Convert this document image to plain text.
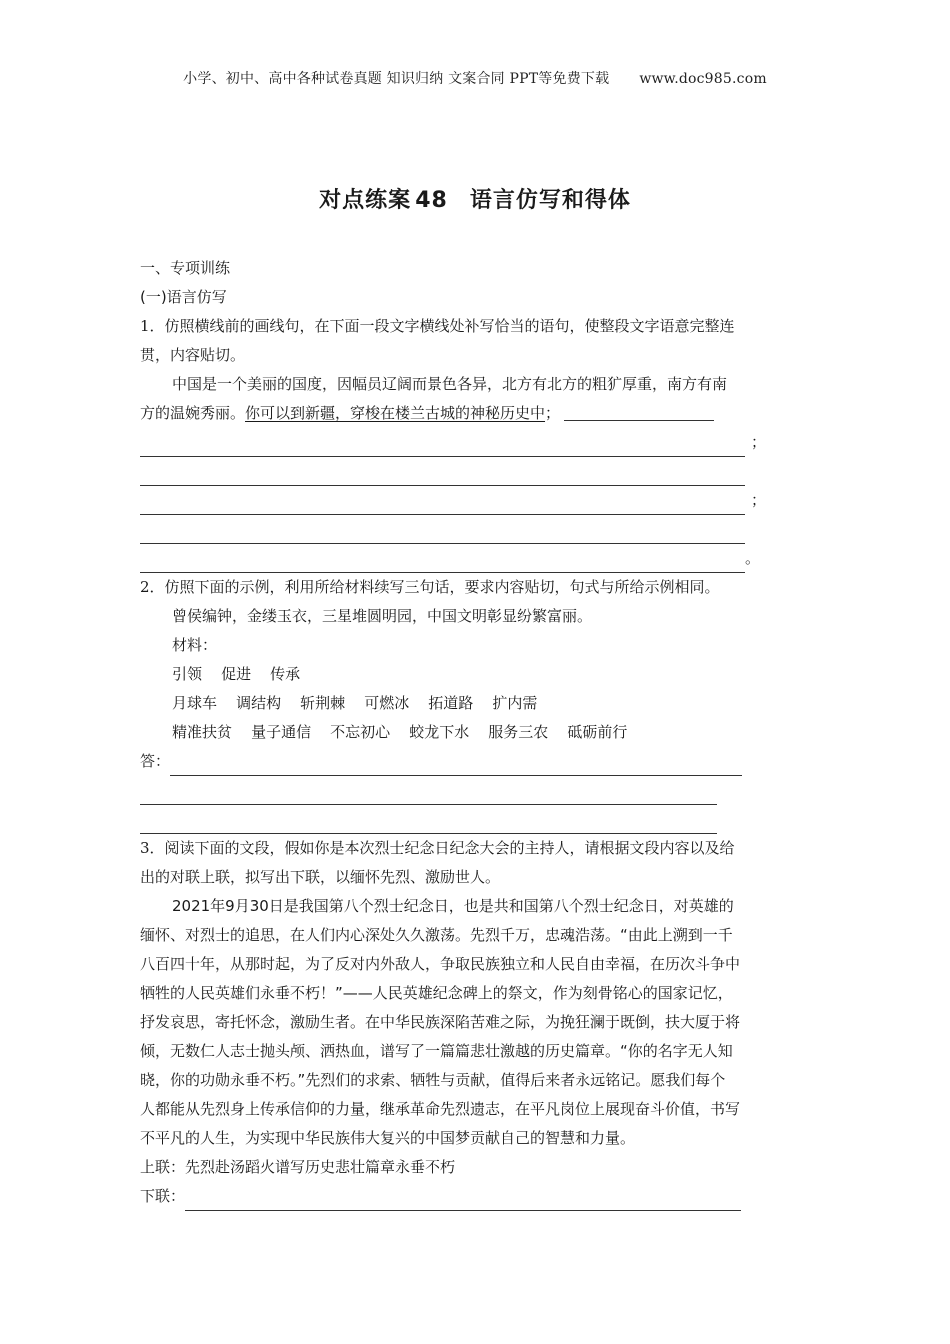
小学、初中、高中各种试卷真题 知识归纳 文案合同 PPT等免费下载 www.doc985.com
对点练案 48 语言仿写和得体
一、专项训练
(一)语言仿写
1．仿照横线前的画线句，在下面一段文字横线处补写恰当的语句，使整段文字语意完整连
贯，内容贴切。
中国是一个美丽的国度，因幅员辽阔而景色各异，北方有北方的粗犷厚重，南方有南
方的温婉秀丽。你可以到新疆，穿梭在楼兰古城的神秘历史中；
；
；
。
2．仿照下面的示例，利用所给材料续写三句话，要求内容贴切，句式与所给示例相同。
曾侯编钟，金缕玉衣，三星堆圆明园，中国文明彰显纷繁富丽。
材料：
引领    促进    传承
月球车    调结构    斩荆棘    可燃冰    拓道路    扩内需
精准扶贫    量子通信    不忘初心    蛟龙下水    服务三农    砥砺前行
答：
3．阅读下面的文段，假如你是本次烈士纪念日纪念大会的主持人，请根据文段内容以及给
出的对联上联，拟写出下联，以缅怀先烈、激励世人。
2021年9月30日是我国第八个烈士纪念日，也是共和国第八个烈士纪念日，对英雄的
缅怀、对烈士的追思，在人们内心深处久久激荡。先烈千万，忠魂浩荡。“由此上溯到一千
八百四十年，从那时起，为了反对内外敌人，争取民族独立和人民自由幸福，在历次斗争中
牺牲的人民英雄们永垂不朽！”——人民英雄纪念碑上的祭文，作为刻骨铭心的国家记忆，
抒发哀思，寄托怀念，激励生者。在中华民族深陷苦难之际，为挽狂澜于既倒，扶大厦于将
倾，无数仁人志士抛头颅、洒热血，谱写了一篇篇悲壮激越的历史篇章。“你的名字无人知
晓，你的功勋永垂不朽。”先烈们的求索、牺牲与贡献，值得后来者永远铭记。愿我们每个
人都能从先烈身上传承信仰的力量，继承革命先烈遗志，在平凡岗位上展现奋斗价值，书写
不平凡的人生，为实现中华民族伟大复兴的中国梦贡献自己的智慧和力量。
上联：先烈赴汤蹈火谱写历史悲壮篇章永垂不朽
下联：
